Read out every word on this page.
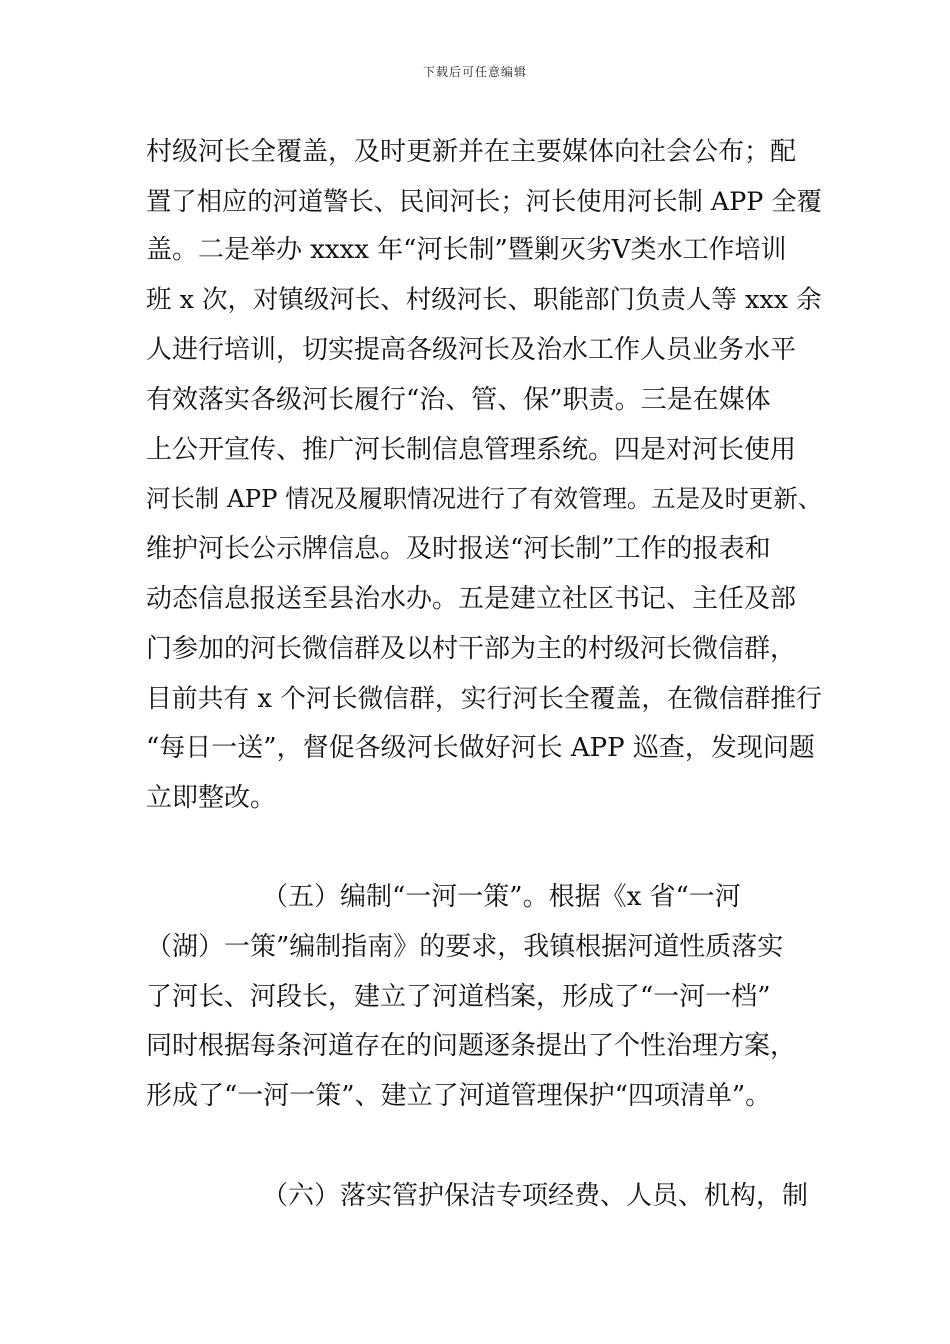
下载后可任意编辑
村级河长全覆盖，及时更新并在主要媒体向社会公布；配
置了相应的河道警长、民间河长；河长使用河长制 APP 全覆
盖。二是举办 xxxx 年“河长制”暨剿灭劣Ⅴ类水工作培训
班 x 次，对镇级河长、村级河长、职能部门负责人等 xxx 余
人进行培训，切实提高各级河长及治水工作人员业务水平
有效落实各级河长履行“治、管、保”职责。三是在媒体
上公开宣传、推广河长制信息管理系统。四是对河长使用
河长制 APP 情况及履职情况进行了有效管理。五是及时更新、
维护河长公示牌信息。及时报送“河长制”工作的报表和
动态信息报送至县治水办。五是建立社区书记、主任及部
门参加的河长微信群及以村干部为主的村级河长微信群，
目前共有 x 个河长微信群，实行河长全覆盖，在微信群推行
“每日一送”，督促各级河长做好河长 APP 巡查，发现问题
立即整改。
（五）编制“一河一策”。根据《x 省“一河
（湖）一策”编制指南》的要求，我镇根据河道性质落实
了河长、河段长，建立了河道档案，形成了“一河一档”
同时根据每条河道存在的问题逐条提出了个性治理方案，
形成了“一河一策”、建立了河道管理保护“四项清单”。
（六）落实管护保洁专项经费、人员、机构，制
